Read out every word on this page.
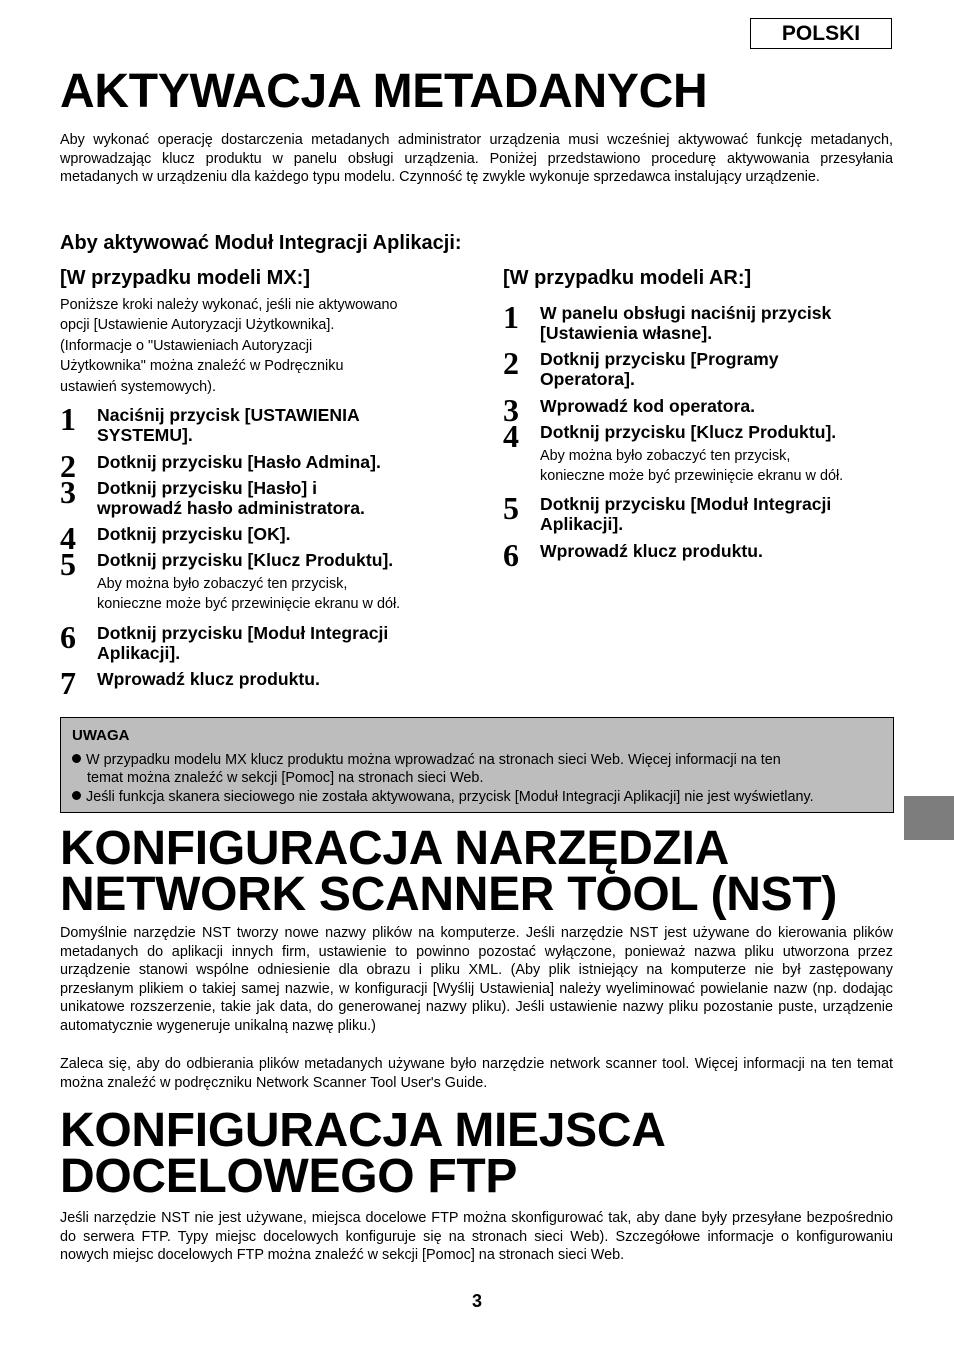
POLSKI
AKTYWACJA METADANYCH

Aby wykonać operację dostarczenia metadanych administrator urządzenia musi wcześniej aktywować funkcję metadanych, wprowadzając klucz produktu w panelu obsługi urządzenia. Poniżej przedstawiono procedurę aktywowania przesyłania metadanych w urządzeniu dla każdego typu modelu. Czynność tę zwykle wykonuje sprzedawca instalujący urządzenie.

Aby aktywować Moduł Integracji Aplikacji:
[W przypadku modeli MX:]
Poniższe kroki należy wykonać, jeśli nie aktywowano
opcji [Ustawienie Autoryzacji Użytkownika].
(Informacje o "Ustawieniach Autoryzacji
Użytkownika" można znaleźć w Podręczniku
ustawień systemowych).
1 Naciśnij przycisk [USTAWIENIA
SYSTEMU].
2 Dotknij przycisku [Hasło Admina].
3 Dotknij przycisku [Hasło] i
wprowadź hasło administratora.
4 Dotknij przycisku [OK].
5 Dotknij przycisku [Klucz Produktu].
Aby można było zobaczyć ten przycisk,
konieczne może być przewinięcie ekranu w dół.
6 Dotknij przycisku [Moduł Integracji
Aplikacji].
7 Wprowadź klucz produktu.
[W przypadku modeli AR:]
1 W panelu obsługi naciśnij przycisk
[Ustawienia własne].
2 Dotknij przycisku [Programy
Operatora].
3 Wprowadź kod operatora.
4 Dotknij przycisku [Klucz Produktu].
Aby można było zobaczyć ten przycisk,
konieczne może być przewinięcie ekranu w dół.
5 Dotknij przycisku [Moduł Integracji
Aplikacji].
6 Wprowadź klucz produktu.
UWAGA
W przypadku modelu MX klucz produktu można wprowadzać na stronach sieci Web. Więcej informacji na ten
temat można znaleźć w sekcji [Pomoc] na stronach sieci Web.
Jeśli funkcja skanera sieciowego nie została aktywowana, przycisk [Moduł Integracji Aplikacji] nie jest wyświetlany.
KONFIGURACJA NARZĘDZIA
NETWORK SCANNER TOOL (NST)

Domyślnie narzędzie NST tworzy nowe nazwy plików na komputerze. Jeśli narzędzie NST jest używane do kierowania plików metadanych do aplikacji innych firm, ustawienie to powinno pozostać wyłączone, ponieważ nazwa pliku utworzona przez urządzenie stanowi wspólne odniesienie dla obrazu i pliku XML. (Aby plik istniejący na komputerze nie był zastępowany przesłanym plikiem o takiej samej nazwie, w konfiguracji [Wyślij Ustawienia] należy wyeliminować powielanie nazw (np. dodając unikatowe rozszerzenie, takie jak data, do generowanej nazwy pliku). Jeśli ustawienie nazwy pliku pozostanie puste, urządzenie automatycznie wygeneruje unikalną nazwę pliku.)

Zaleca się, aby do odbierania plików metadanych używane było narzędzie network scanner tool. Więcej informacji na ten temat można znaleźć w podręczniku Network Scanner Tool User's Guide.

KONFIGURACJA MIEJSCA
DOCELOWEGO FTP

Jeśli narzędzie NST nie jest używane, miejsca docelowe FTP można skonfigurować tak, aby dane były przesyłane bezpośrednio do serwera FTP. Typy miejsc docelowych konfiguruje się na stronach sieci Web). Szczegółowe informacje o konfigurowaniu nowych miejsc docelowych FTP można znaleźć w sekcji [Pomoc] na stronach sieci Web.

3
